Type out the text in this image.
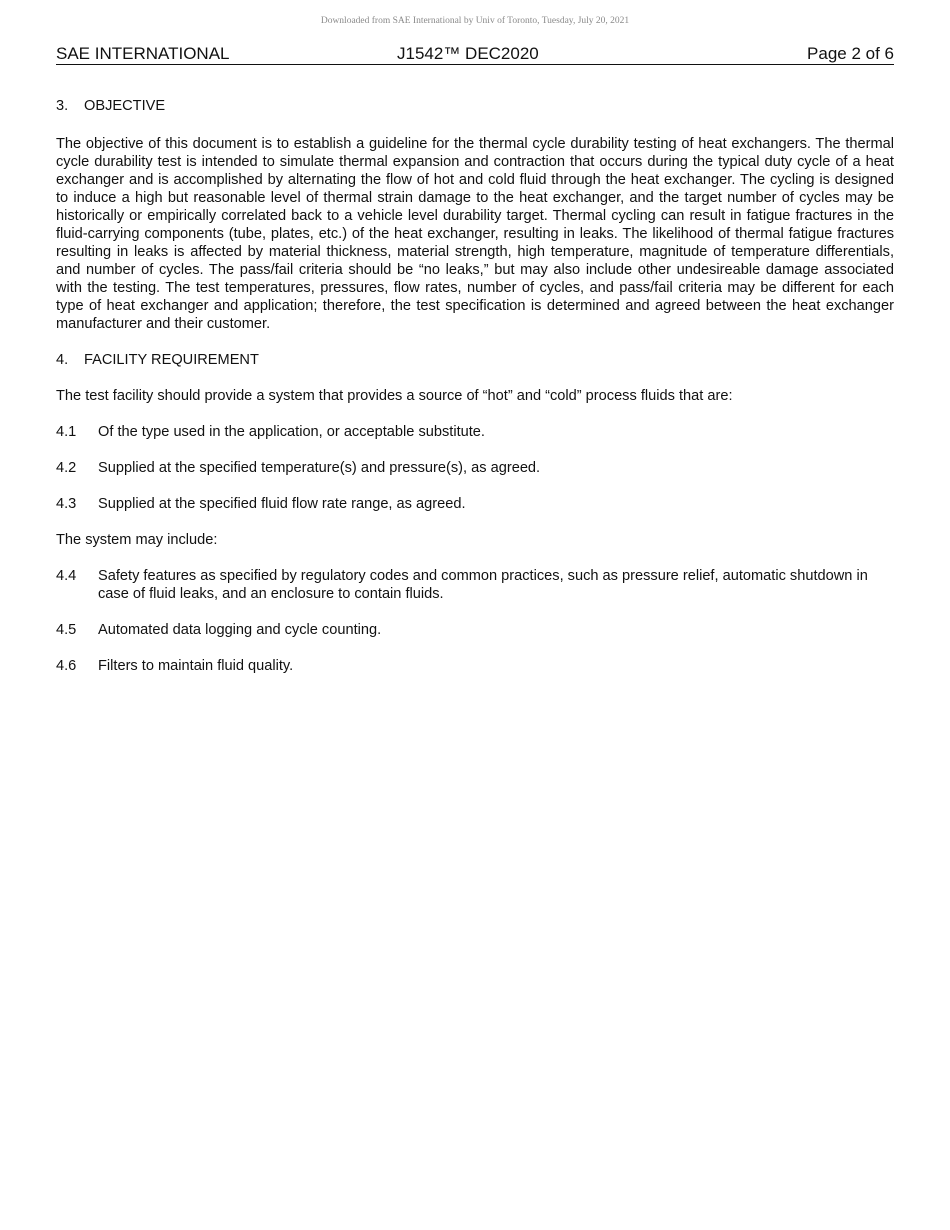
Downloaded from SAE International by Univ of Toronto, Tuesday, July 20, 2021
SAE INTERNATIONAL	J1542™ DEC2020	Page 2 of 6
3. OBJECTIVE

The objective of this document is to establish a guideline for the thermal cycle durability testing of heat exchangers. The thermal cycle durability test is intended to simulate thermal expansion and contraction that occurs during the typical duty cycle of a heat exchanger and is accomplished by alternating the flow of hot and cold fluid through the heat exchanger. The cycling is designed to induce a high but reasonable level of thermal strain damage to the heat exchanger, and the target number of cycles may be historically or empirically correlated back to a vehicle level durability target. Thermal cycling can result in fatigue fractures in the fluid-carrying components (tube, plates, etc.) of the heat exchanger, resulting in leaks. The likelihood of thermal fatigue fractures resulting in leaks is affected by material thickness, material strength, high temperature, magnitude of temperature differentials, and number of cycles. The pass/fail criteria should be “no leaks,” but may also include other undesireable damage associated with the testing. The test temperatures, pressures, flow rates, number of cycles, and pass/fail criteria may be different for each type of heat exchanger and application; therefore, the test specification is determined and agreed between the heat exchanger manufacturer and their customer.

4. FACILITY REQUIREMENT

The test facility should provide a system that provides a source of “hot” and “cold” process fluids that are:

4.1	Of the type used in the application, or acceptable substitute.
4.2	Supplied at the specified temperature(s) and pressure(s), as agreed.
4.3	Supplied at the specified fluid flow rate range, as agreed.

The system may include:

4.4	Safety features as specified by regulatory codes and common practices, such as pressure relief, automatic shutdown in case of fluid leaks, and an enclosure to contain fluids.
4.5	Automated data logging and cycle counting.
4.6	Filters to maintain fluid quality.
